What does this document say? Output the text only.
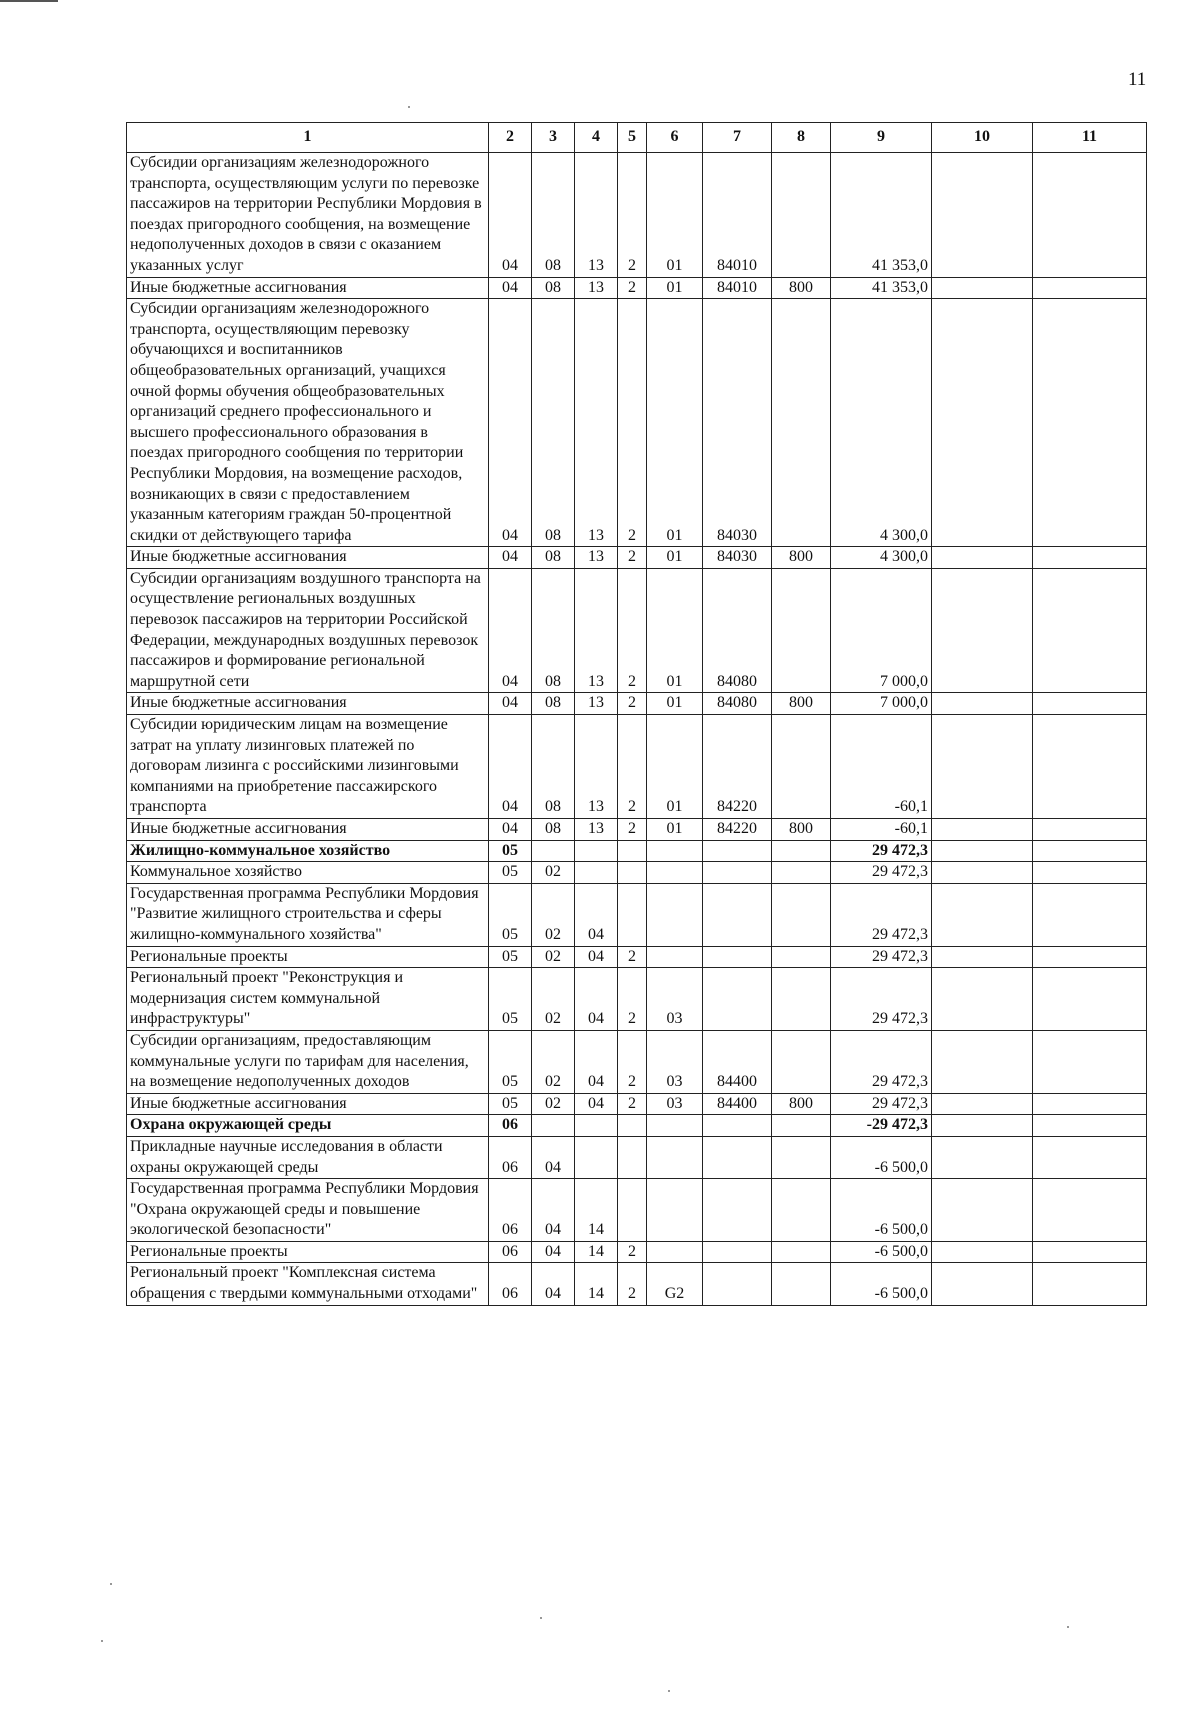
11
1	2	3	4	5	6	7	8	9	10	11
Субсидии организациям железнодорожного транспорта, осуществляющим услуги по перевозке пассажиров на территории Республики Мордовия в поездах пригородного сообщения, на возмещение недополученных доходов в связи с оказанием указанных услуг	04	08	13	2	01	84010		41 353,0		
Иные бюджетные ассигнования	04	08	13	2	01	84010	800	41 353,0		
Субсидии организациям железнодорожного транспорта, осуществляющим перевозку обучающихся и воспитанников общеобразовательных организаций, учащихся очной формы обучения общеобразовательных организаций среднего профессионального и высшего профессионального образования в поездах пригородного сообщения по территории Республики Мордовия, на возмещение расходов, возникающих в связи с предоставлением указанным категориям граждан 50-процентной скидки от действующего тарифа	04	08	13	2	01	84030		4 300,0		
Иные бюджетные ассигнования	04	08	13	2	01	84030	800	4 300,0		
Субсидии организациям воздушного транспорта на осуществление региональных воздушных перевозок пассажиров на территории Российской Федерации, международных воздушных перевозок пассажиров и формирование региональной маршрутной сети	04	08	13	2	01	84080		7 000,0		
Иные бюджетные ассигнования	04	08	13	2	01	84080	800	7 000,0		
Субсидии юридическим лицам на возмещение затрат на уплату лизинговых платежей по договорам лизинга с российскими лизинговыми компаниями на приобретение пассажирского транспорта	04	08	13	2	01	84220		-60,1		
Иные бюджетные ассигнования	04	08	13	2	01	84220	800	-60,1		
Жилищно-коммунальное хозяйство	05							29 472,3		
Коммунальное хозяйство	05	02						29 472,3		
Государственная программа Республики Мордовия "Развитие жилищного строительства и сферы жилищно-коммунального хозяйства"	05	02	04					29 472,3		
Региональные проекты	05	02	04	2				29 472,3		
Региональный проект "Реконструкция и модернизация систем коммунальной инфраструктуры"	05	02	04	2	03			29 472,3		
Субсидии организациям, предоставляющим коммунальные услуги по тарифам для населения, на возмещение недополученных доходов	05	02	04	2	03	84400		29 472,3		
Иные бюджетные ассигнования	05	02	04	2	03	84400	800	29 472,3		
Охрана окружающей среды	06							-29 472,3		
Прикладные научные исследования в области охраны окружающей среды	06	04						-6 500,0		
Государственная программа Республики Мордовия "Охрана окружающей среды и повышение экологической безопасности"	06	04	14					-6 500,0		
Региональные проекты	06	04	14	2				-6 500,0		
Региональный проект "Комплексная система обращения с твердыми коммунальными отходами"	06	04	14	2	G2			-6 500,0		
